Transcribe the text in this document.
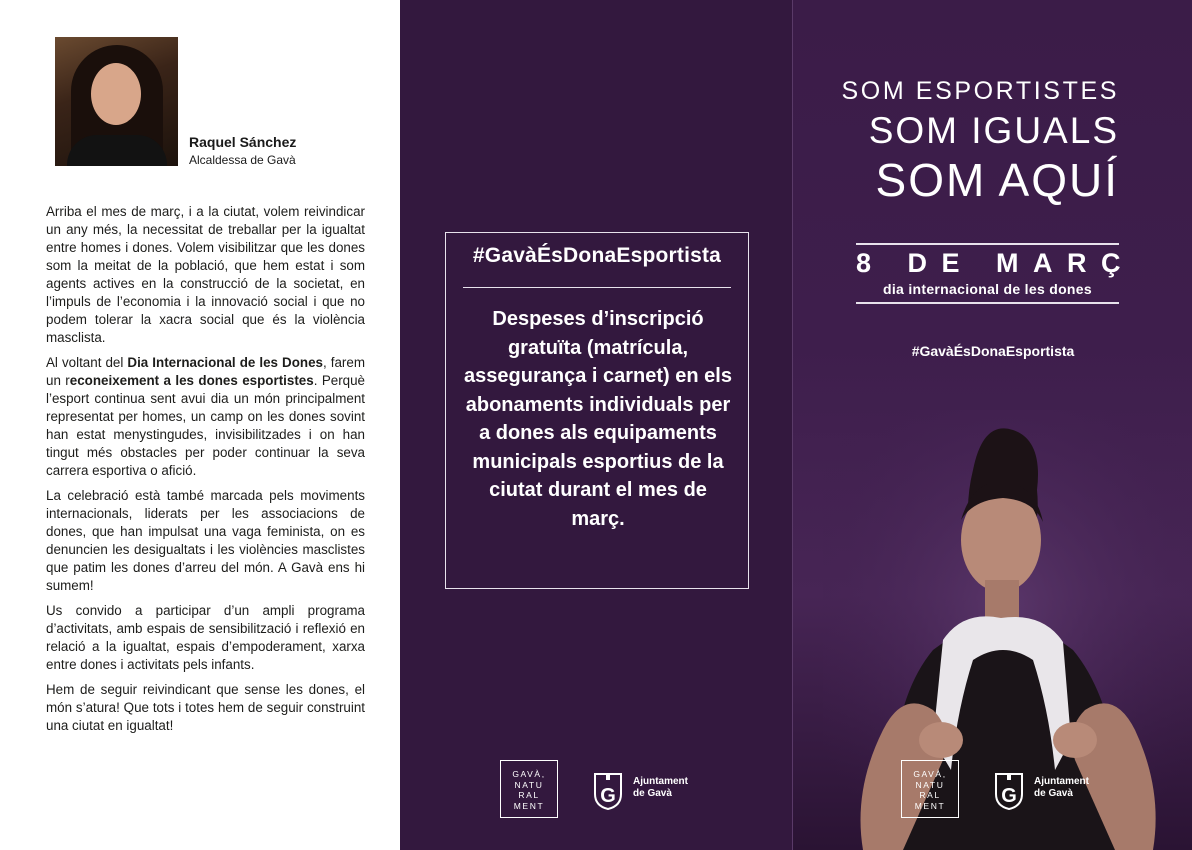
Raquel Sánchez
Alcaldessa de Gavà

Arriba el mes de març, i a la ciutat, volem reivindicar un any més, la necessitat de treballar per la igualtat entre homes i dones. Volem visibilitzar que les dones som la meitat de la població, que hem estat i som agents actives en la construcció de la societat, en l’impuls de l’economia i la innovació social i que no podem tolerar la xacra social que és la violència masclista.

Al voltant del Dia Internacional de les Dones, farem un reconeixement a les dones esportistes. Perquè l’esport continua sent avui dia un món principalment representat per homes, un camp on les dones sovint han estat menystingudes, invisibilitzades i on han tingut més obstacles per poder continuar la seva carrera esportiva o afició.

La celebració està també marcada pels moviments internacionals, liderats per les associacions de dones, que han impulsat una vaga feminista, on es denuncien les desigualtats i les violències masclistes que patim les dones d’arreu del món. A Gavà ens hi sumem!

Us convido a participar d’un ampli programa d’activitats, amb espais de sensibilització i reflexió en relació a la igualtat, espais d’empoderament, xarxa entre dones i activitats pels infants.

Hem de seguir reivindicant que sense les dones, el món s’atura! Que tots i totes hem de seguir construint una ciutat en igualtat!

#GavàÉsDonaEsportista
Despeses d’inscripció gratuïta (matrícula, assegurança i carnet) en els abonaments individuals per a dones als equipaments municipals esportius de la ciutat durant el mes de març.
GAVÀ,
NATU
RAL
MENT	G
Ajuntament
de Gavà
SOM ESPORTISTES
SOM IGUALS
SOM AQUÍ
8 DE MARÇ
dia internacional de les dones
#GavàÉsDonaEsportista
GAVÀ,
NATU
RAL
MENT	G
Ajuntament
de Gavà
